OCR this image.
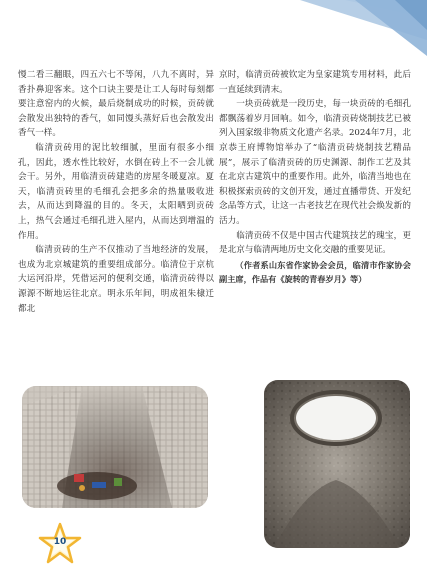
慢二看三翻眼，四五六七不等闲，八九不离时，异香扑鼻迎客来。这个口诀主要是让工人每时每刻都要注意窑内的火候，最后烧制成功的时候，贡砖就会散发出独特的香气，如同馒头蒸好后也会散发出香气一样。

临清贡砖用的泥比较细腻，里面有很多小细孔，因此，透水性比较好，水倒在砖上不一会儿就会干。另外，用临清贡砖建造的房屋冬暖夏凉。夏天，临清贡砖里的毛细孔会把多余的热量吸收进去，从而达到降温的目的。冬天，太阳晒到贡砖上，热气会通过毛细孔进入屋内，从而达到增温的作用。

临清贡砖的生产不仅推动了当地经济的发展，也成为北京城建筑的重要组成部分。临清位于京杭大运河沿岸，凭借运河的便利交通，临清贡砖得以源源不断地运往北京。明永乐年间，明成祖朱棣迁都北

京时，临清贡砖被钦定为皇家建筑专用材料，此后一直延续到清末。

一块贡砖就是一段历史，每一块贡砖的毛细孔都飘荡着岁月回响。如今，临清贡砖烧制技艺已被列入国家级非物质文化遗产名录。2024年7月，北京恭王府博物馆举办了“临清贡砖烧制技艺精品展”，展示了临清贡砖的历史渊源、制作工艺及其在北京古建筑中的重要作用。此外，临清当地也在积极探索贡砖的文创开发，通过直播带货、开发纪念品等方式，让这一古老技艺在现代社会焕发新的活力。

临清贡砖不仅是中国古代建筑技艺的瑰宝，更是北京与临清两地历史文化交融的重要见证。

（作者系山东省作家协会会员，临清市作家协会副主席，作品有《旋转的青春岁月》等）

10
